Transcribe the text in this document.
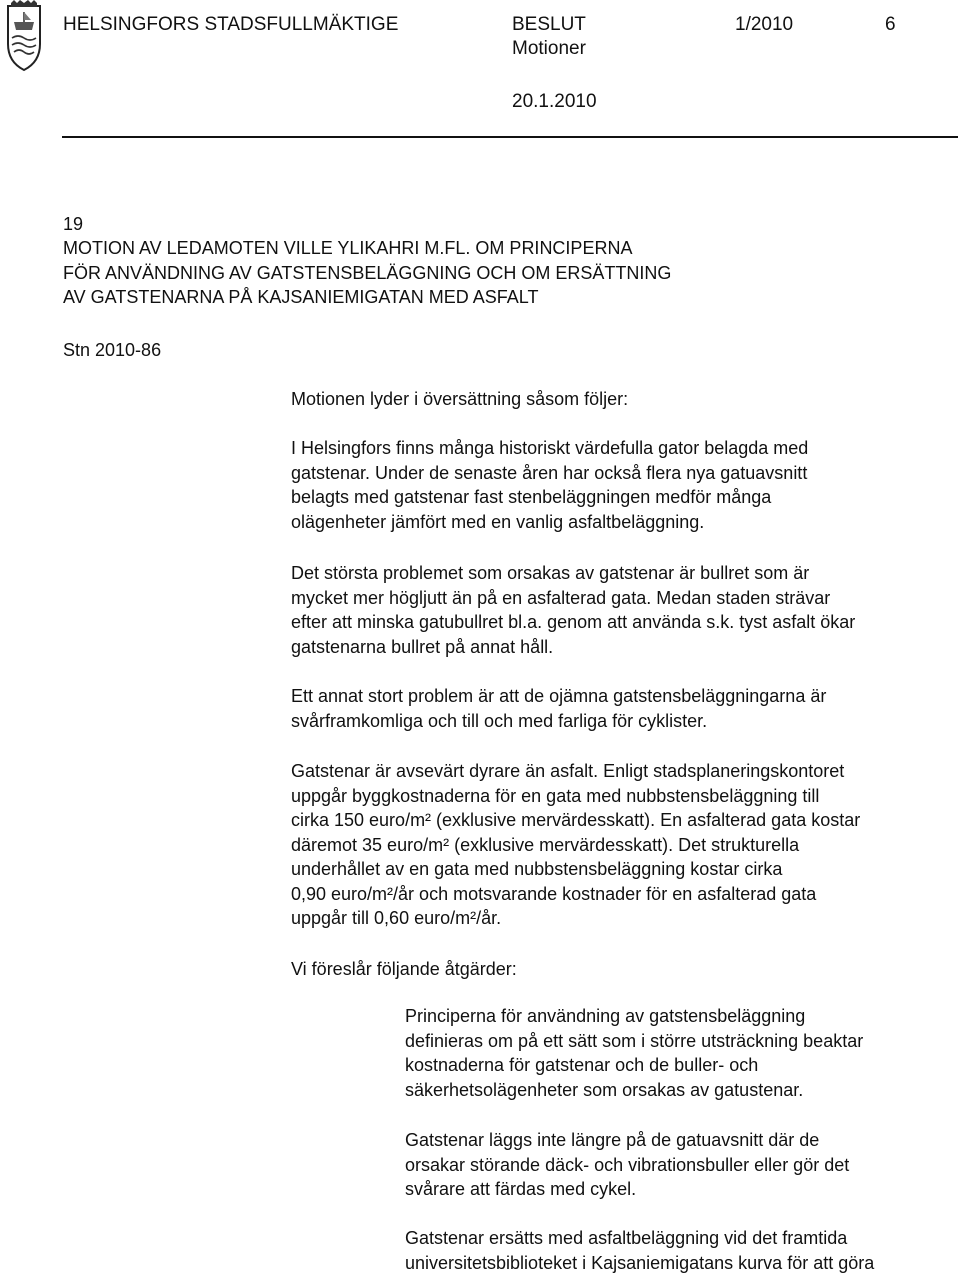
HELSINGFORS STADSFULLMÄKTIGE	BESLUT
Motioner
1/2010	6
20.1.2010
19
MOTION AV LEDAMOTEN VILLE YLIKAHRI M.FL. OM PRINCIPERNA
FÖR ANVÄNDNING AV GATSTENSBELÄGGNING OCH OM ERSÄTTNING
AV GATSTENARNA PÅ KAJSANIEMIGATAN MED ASFALT
Stn 2010-86
Motionen lyder i översättning såsom följer:
I Helsingfors finns många historiskt värdefulla gator belagda med
gatstenar. Under de senaste åren har också flera nya gatuavsnitt
belagts med gatstenar fast stenbeläggningen medför många
olägenheter jämfört med en vanlig asfaltbeläggning.
Det största problemet som orsakas av gatstenar är bullret som är
mycket mer högljutt än på en asfalterad gata. Medan staden strävar
efter att minska gatubullret bl.a. genom att använda s.k. tyst asfalt ökar
gatstenarna bullret på annat håll.
Ett annat stort problem är att de ojämna gatstensbeläggningarna är
svårframkomliga och till och med farliga för cyklister.
Gatstenar är avsevärt dyrare än asfalt. Enligt stadsplaneringskontoret
uppgår byggkostnaderna för en gata med nubbstensbeläggning till
cirka 150 euro/m² (exklusive mervärdesskatt). En asfalterad gata kostar
däremot 35 euro/m² (exklusive mervärdesskatt). Det strukturella
underhållet av en gata med nubbstensbeläggning kostar cirka
0,90 euro/m²/år och motsvarande kostnader för en asfalterad gata
uppgår till 0,60 euro/m²/år.
Vi föreslår följande åtgärder:
Principerna för användning av gatstensbeläggning
definieras om på ett sätt som i större utsträckning beaktar
kostnaderna för gatstenar och de buller- och
säkerhetsolägenheter som orsakas av gatustenar.
Gatstenar läggs inte längre på de gatuavsnitt där de
orsakar störande däck- och vibrationsbuller eller gör det
svårare att färdas med cykel.
Gatstenar ersätts med asfaltbeläggning vid det framtida
universitetsbiblioteket i Kajsaniemigatans kurva för att göra
